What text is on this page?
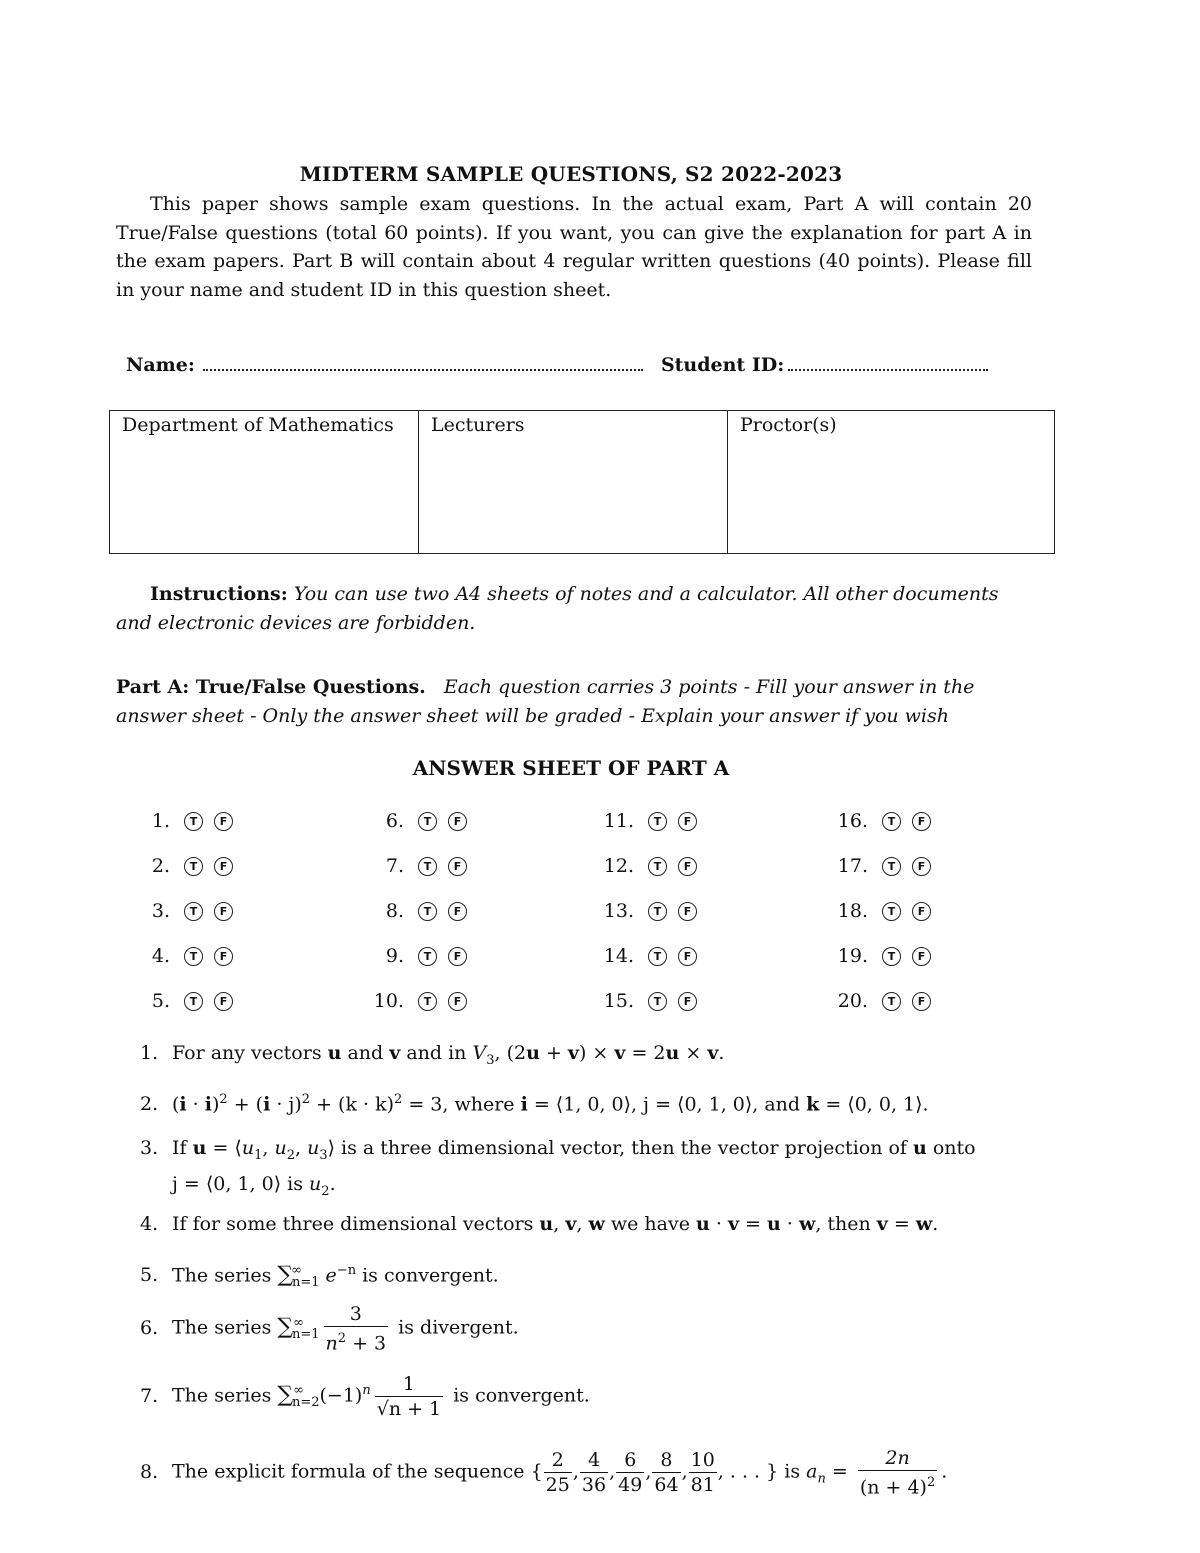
MIDTERM SAMPLE QUESTIONS, S2 2022-2023
This paper shows sample exam questions. In the actual exam, Part A will contain 20 True/False questions (total 60 points). If you want, you can give the explanation for part A in the exam papers. Part B will contain about 4 regular written questions (40 points). Please fill in your name and student ID in this question sheet.
Name:	Student ID:
Department of Mathematics	Lecturers	Proctor(s)
Instructions: You can use two A4 sheets of notes and a calculator. All other documents and electronic devices are forbidden.
Part A: True/False Questions. Each question carries 3 points - Fill your answer in the answer sheet - Only the answer sheet will be graded - Explain your answer if you wish
ANSWER SHEET OF PART A
1.	T	F
2.	T	F
3.	T	F
4.	T	F
5.	T	F
6.	T	F
7.	T	F
8.	T	F
9.	T	F
10.	T	F
11.	T	F
12.	T	F
13.	T	F
14.	T	F
15.	T	F
16.	T	F
17.	T	F
18.	T	F
19.	T	F
20.	T	F
1. For any vectors u and v and in $V_3$, (2u + v) × v = 2u × v.
2. $(i \cdot i)^2 + (i \cdot j)^2 + (k \cdot k)^2 = 3$, where i = ⟨1, 0, 0⟩, j = ⟨0, 1, 0⟩, and k = ⟨0, 0, 1⟩.
3. If $u = ⟨u_1$, $u_2$, $u_3⟩$ is a three dimensional vector, then the vector projection of u onto
j = ⟨0, 1, 0⟩ is $u_2$.
4. If for some three dimensional vectors u, v, w we have u · v = u · w, then v = w.
5. The series $\sum^\infty_{n=1}$ $e^{-n}$ is convergent.
6. The series $\sum^\infty_{n=1} \frac{3}{n^2 + 3}$ is divergent.
7. The series $\sum^\infty_{n=2}(-1)^n \frac{1}{√n + 1}$ is convergent.
8. The explicit formula of the sequence { $\frac{2}{25}$ , $\frac{4}{36}$ , $\frac{6}{49}$ , $\frac{8}{64}$ , $\frac{10}{81}$ , . . . } is $a_n = \frac{2n}{(n + 4)^2}$ .
